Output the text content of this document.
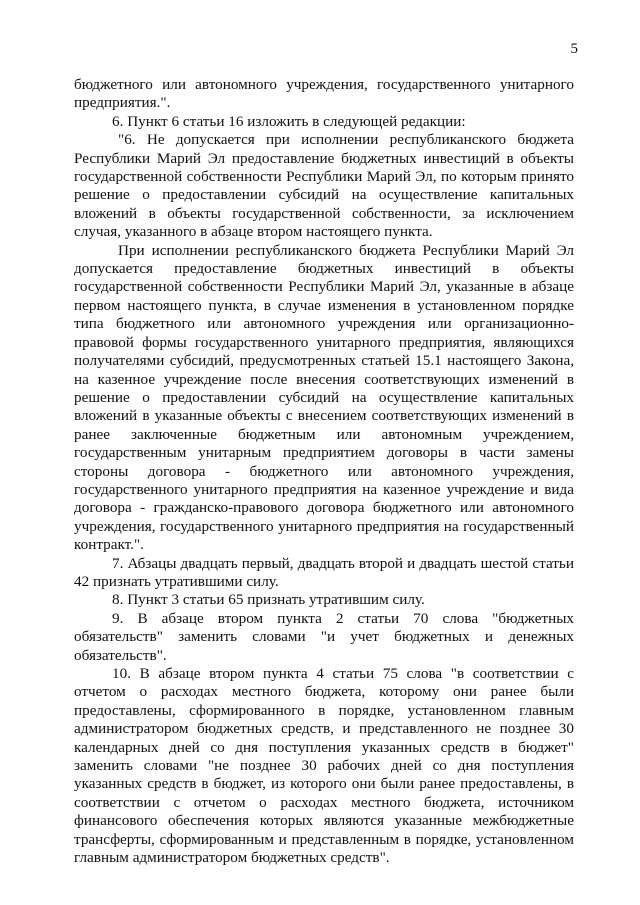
5

бюджетного или автономного учреждения, государственного унитарного предприятия.".

6. Пункт 6 статьи 16 изложить в следующей редакции:

"6. Не допускается при исполнении республиканского бюджета Республики Марий Эл предоставление бюджетных инвестиций в объекты государственной собственности Республики Марий Эл, по которым принято решение о предоставлении субсидий на осуществление капитальных вложений в объекты государственной собственности, за исключением случая, указанного в абзаце втором настоящего пункта.

При исполнении республиканского бюджета Республики Марий Эл допускается предоставление бюджетных инвестиций в объекты государственной собственности Республики Марий Эл, указанные в абзаце первом настоящего пункта, в случае изменения в установленном порядке типа бюджетного или автономного учреждения или организационно-правовой формы государственного унитарного предприятия, являющихся получателями субсидий, предусмотренных статьей 15.1 настоящего Закона, на казенное учреждение после внесения соответствующих изменений в решение о предоставлении субсидий на осуществление капитальных вложений в указанные объекты с внесением соответствующих изменений в ранее заключенные бюджетным или автономным учреждением, государственным унитарным предприятием договоры в части замены стороны договора - бюджетного или автономного учреждения, государственного унитарного предприятия на казенное учреждение и вида договора - гражданско-правового договора бюджетного или автономного учреждения, государственного унитарного предприятия на государственный контракт.".

7. Абзацы двадцать первый, двадцать второй и двадцать шестой статьи 42 признать утратившими силу.

8. Пункт 3 статьи 65 признать утратившим силу.

9. В абзаце втором пункта 2 статьи 70 слова "бюджетных обязательств" заменить словами "и учет бюджетных и денежных обязательств".

10. В абзаце втором пункта 4 статьи 75 слова "в соответствии с отчетом о расходах местного бюджета, которому они ранее были предоставлены, сформированного в порядке, установленном главным администратором бюджетных средств, и представленного не позднее 30 календарных дней со дня поступления указанных средств в бюджет" заменить словами "не позднее 30 рабочих дней со дня поступления указанных средств в бюджет, из которого они были ранее предоставлены, в соответствии с отчетом о расходах местного бюджета, источником финансового обеспечения которых являются указанные межбюджетные трансферты, сформированным и представленным в порядке, установленном главным администратором бюджетных средств".
